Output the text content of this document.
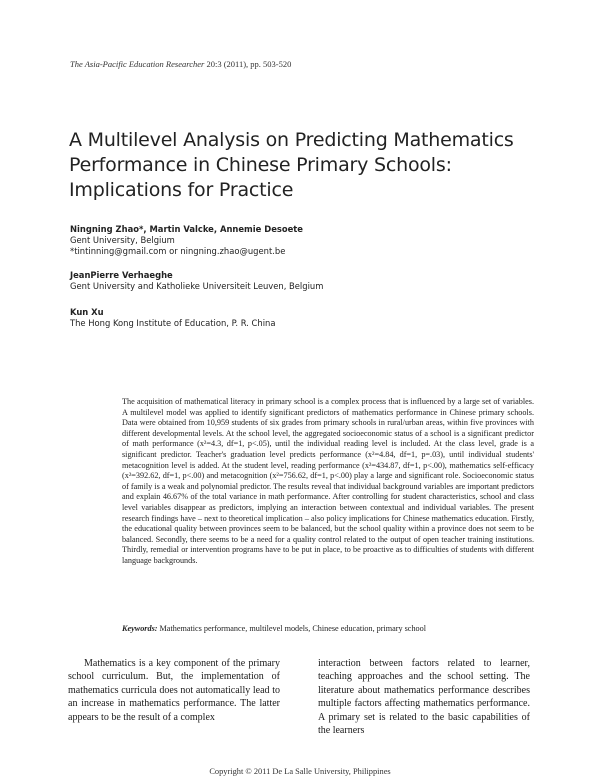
The Asia-Pacific Education Researcher 20:3 (2011), pp. 503-520
A Multilevel Analysis on Predicting Mathematics
Performance in Chinese Primary Schools:
Implications for Practice
Ningning Zhao*, Martin Valcke, Annemie Desoete
Gent University, Belgium
*tintinning@gmail.com or ningning.zhao@ugent.be
JeanPierre Verhaeghe
Gent University and Katholieke Universiteit Leuven, Belgium
Kun Xu
The Hong Kong Institute of Education, P. R. China

The acquisition of mathematical literacy in primary school is a complex process that is influenced by a large set of variables. A multilevel model was applied to identify significant predictors of mathematics performance in Chinese primary schools. Data were obtained from 10,959 students of six grades from primary schools in rural/urban areas, within five provinces with different developmental levels. At the school level, the aggregated socioeconomic status of a school is a significant predictor of math performance (x²=4.3, df=1, p<.05), until the individual reading level is included. At the class level, grade is a significant predictor. Teacher's graduation level predicts performance (x²=4.84, df=1, p=.03), until individual students' metacognition level is added. At the student level, reading performance (x²=434.87, df=1, p<.00), mathematics self-efficacy (x²=392.62, df=1, p<.00) and metacognition (x²=756.62, df=1, p<.00) play a large and significant role. Socioeconomic status of family is a weak and polynomial predictor. The results reveal that individual background variables are important predictors and explain 46.67% of the total variance in math performance. After controlling for student characteristics, school and class level variables disappear as predictors, implying an interaction between contextual and individual variables. The present research findings have – next to theoretical implication – also policy implications for Chinese mathematics education. Firstly, the educational quality between provinces seem to be balanced, but the school quality within a province does not seem to be balanced. Secondly, there seems to be a need for a quality control related to the output of open teacher training institutions. Thirdly, remedial or intervention programs have to be put in place, to be proactive as to difficulties of students with different language backgrounds.

Keywords: Mathematics performance, multilevel models, Chinese education, primary school

Mathematics is a key component of the primary school curriculum. But, the implementation of mathematics curricula does not automatically lead to an increase in mathematics performance. The latter appears to be the result of a complex

interaction between factors related to learner, teaching approaches and the school setting. The literature about mathematics performance describes multiple factors affecting mathematics performance. A primary set is related to the basic capabilities of the learners

Copyright © 2011 De La Salle University, Philippines
